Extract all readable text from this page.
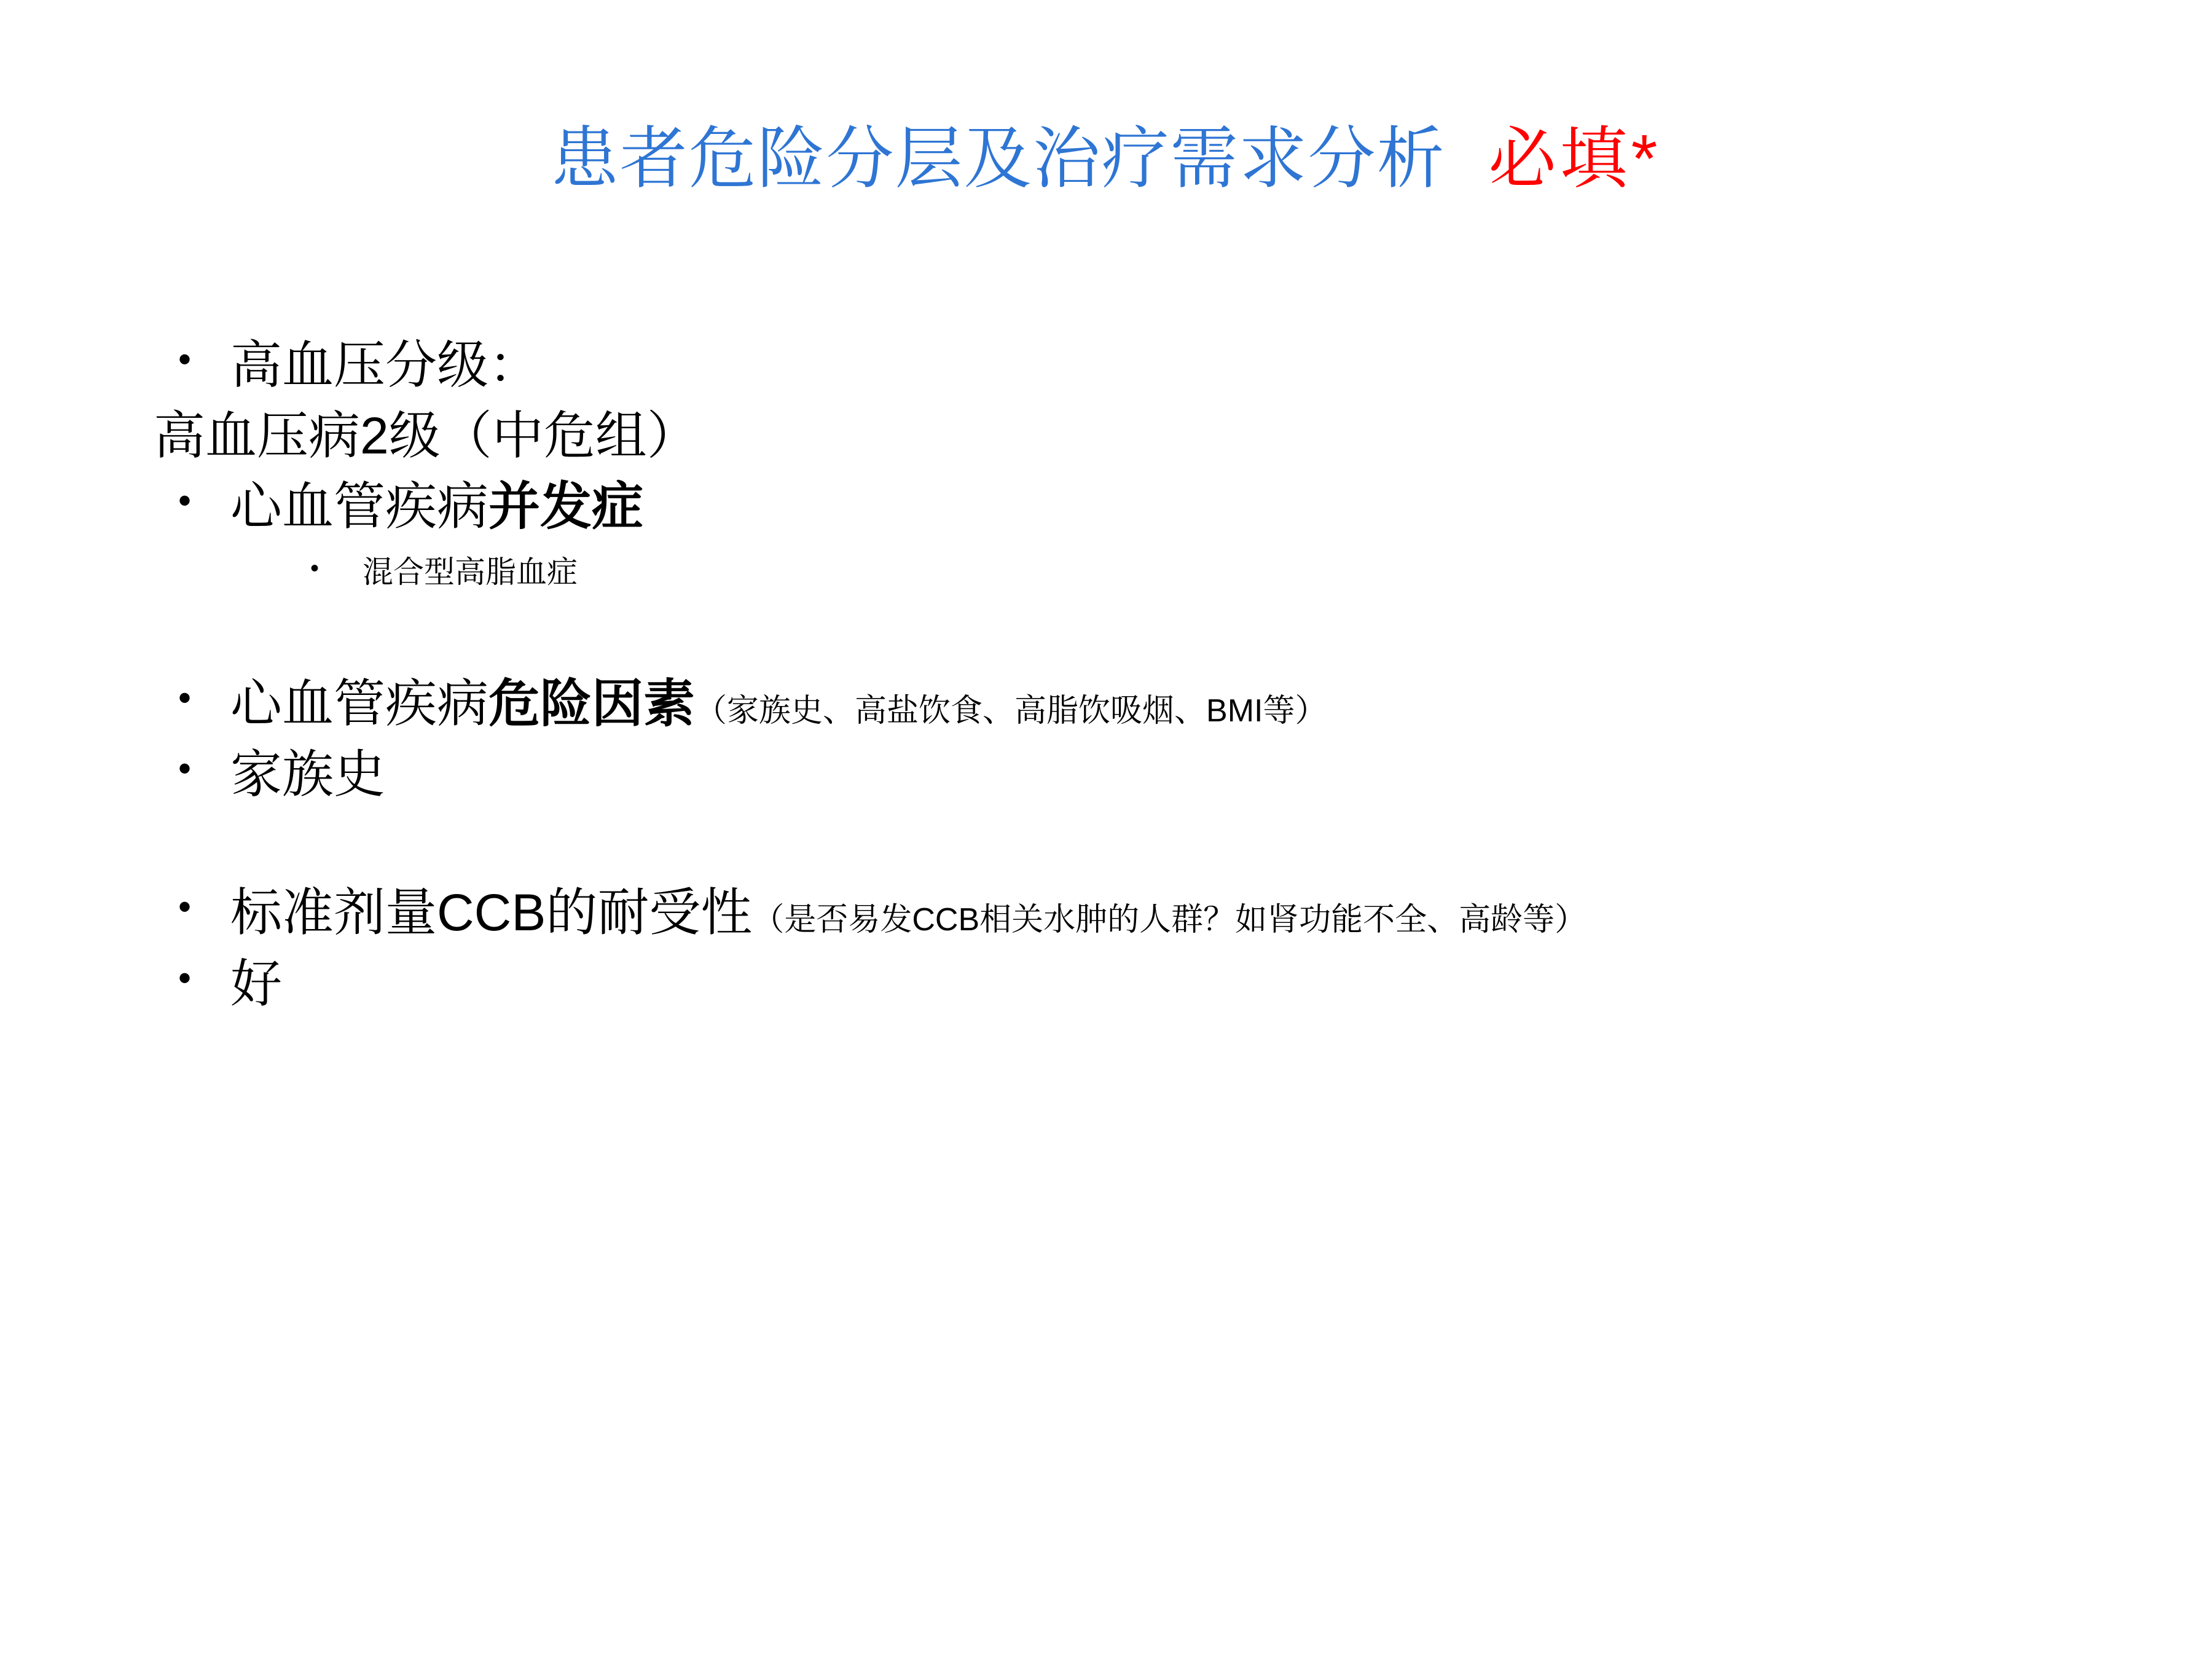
患者危险分层及治疗需求分析 必填*
• 高血压分级：
高血压病2级（中危组）
• 心血管疾病并发症
• 混合型高脂血症
• 心血管疾病危险因素（家族史、高盐饮食、高脂饮吸烟、BMI等）
• 家族史
• 标准剂量CCB的耐受性（是否易发CCB相关水肿的人群？如肾功能不全、高龄等）
• 好
